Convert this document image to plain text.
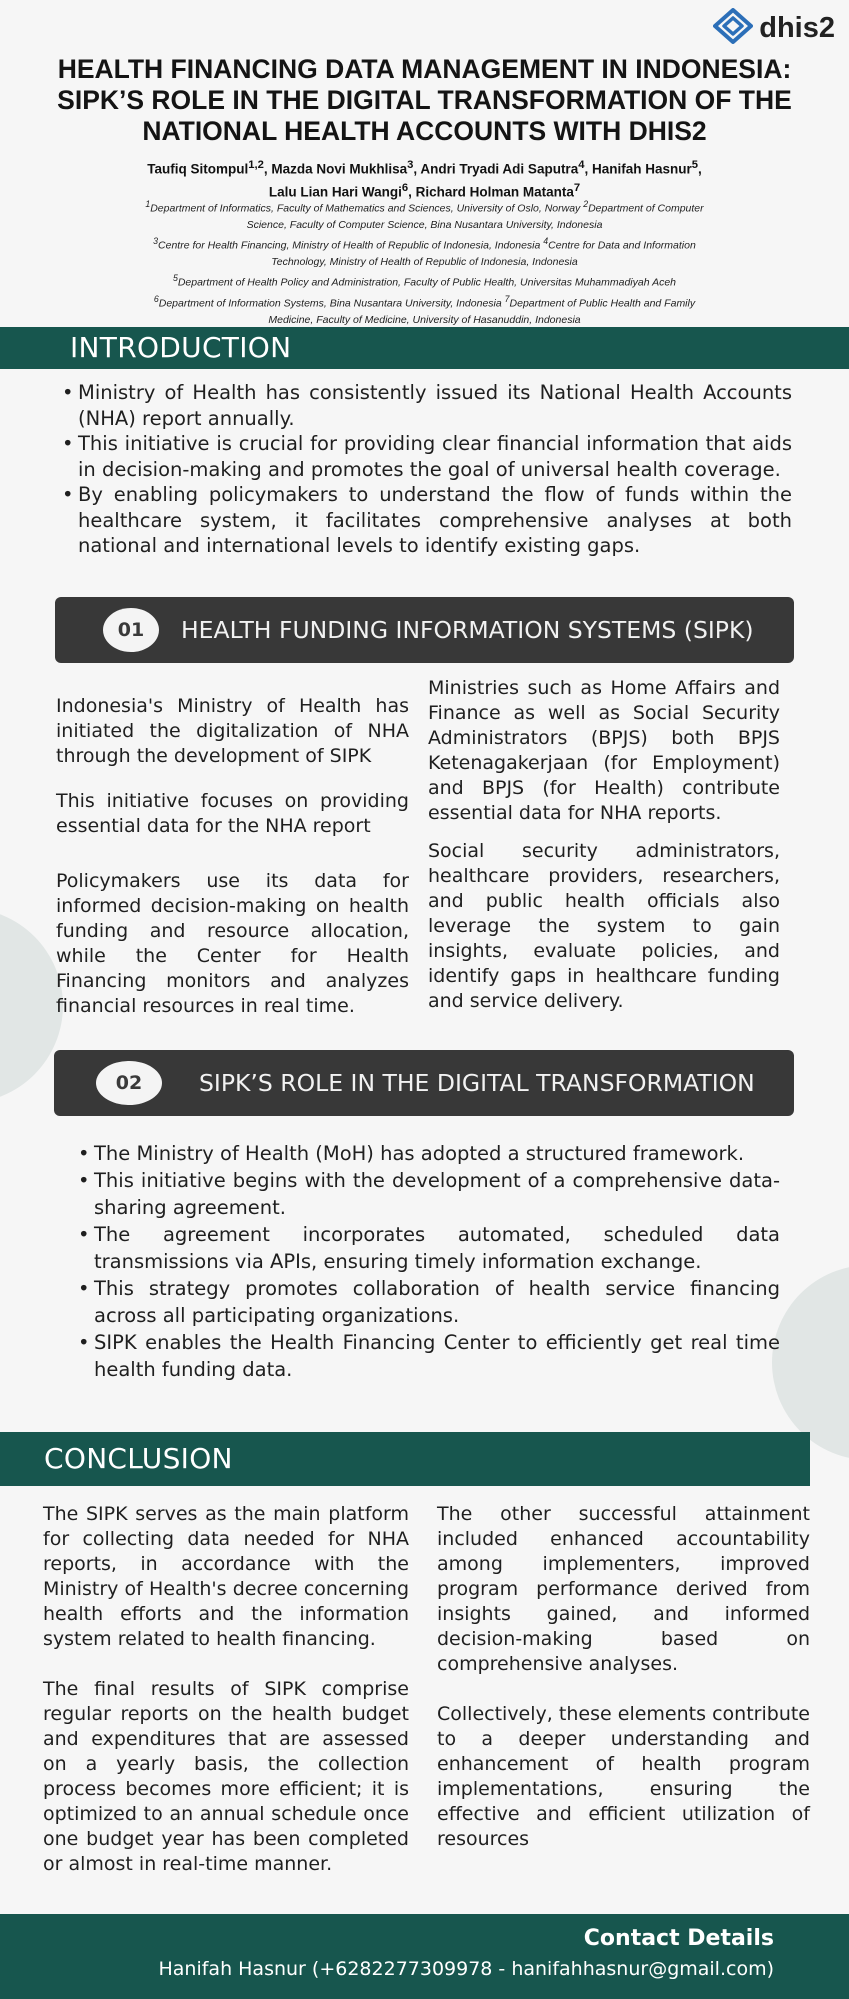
dhis2
HEALTH FINANCING DATA MANAGEMENT IN INDONESIA:
SIPK’S ROLE IN THE DIGITAL TRANSFORMATION OF THE
NATIONAL HEALTH ACCOUNTS WITH DHIS2
Taufiq Sitompul$^{1,2}$, Mazda Novi Mukhlisa$^3$, Andri Tryadi Adi Saputra$^4$, Hanifah Hasnur$^5$,
Lalu Lian Hari Wangi$^6$, Richard Holman Matanta$^7$
$^1$Department of Informatics, Faculty of Mathematics and Sciences, University of Oslo, Norway $^2$Department of Computer
Science, Faculty of Computer Science, Bina Nusantara University, Indonesia
$^3$Centre for Health Financing, Ministry of Health of Republic of Indonesia, Indonesia $^4$Centre for Data and Information
Technology, Ministry of Health of Republic of Indonesia, Indonesia
$^5$Department of Health Policy and Administration, Faculty of Public Health, Universitas Muhammadiyah Aceh
$^6$Department of Information Systems, Bina Nusantara University, Indonesia $^7$Department of Public Health and Family
Medicine, Faculty of Medicine, University of Hasanuddin, Indonesia
INTRODUCTION
• Ministry of Health has consistently issued its National Health Accounts (NHA) report annually.
• This initiative is crucial for providing clear financial information that aids in decision-making and promotes the goal of universal health coverage.
• By enabling policymakers to understand the flow of funds within the healthcare system, it facilitates comprehensive analyses at both national and international levels to identify existing gaps.
01	HEALTH FUNDING INFORMATION SYSTEMS (SIPK)

Indonesia's Ministry of Health has initiated the digitalization of NHA through the development of SIPK

This initiative focuses on providing essential data for the NHA report

Policymakers use its data for informed decision-making on health funding and resource allocation, while the Center for Health Financing monitors and analyzes financial resources in real time.

Ministries such as Home Affairs and Finance as well as Social Security Administrators (BPJS) both BPJS Ketenagakerjaan (for Employment) and BPJS (for Health) contribute essential data for NHA reports.

Social security administrators, healthcare providers, researchers, and public health officials also leverage the system to gain insights, evaluate policies, and identify gaps in healthcare funding and service delivery.

02	SIPK’S ROLE IN THE DIGITAL TRANSFORMATION
• The Ministry of Health (MoH) has adopted a structured framework.
• This initiative begins with the development of a comprehensive data-sharing agreement.
• The agreement incorporates automated, scheduled data transmissions via APIs, ensuring timely information exchange.
• This strategy promotes collaboration of health service financing across all participating organizations.
• SIPK enables the Health Financing Center to efficiently get real time health funding data.
CONCLUSION

The SIPK serves as the main platform for collecting data needed for NHA reports, in accordance with the Ministry of Health's decree concerning health efforts and the information system related to health financing.

The final results of SIPK comprise regular reports on the health budget and expenditures that are assessed on a yearly basis, the collection process becomes more efficient; it is optimized to an annual schedule once one budget year has been completed or almost in real-time manner.

The other successful attainment included enhanced accountability among implementers, improved program performance derived from insights gained, and informed decision-making based on comprehensive analyses.

Collectively, these elements contribute to a deeper understanding and enhancement of health program implementations, ensuring the effective and efficient utilization of resources

Contact Details
Hanifah Hasnur (+6282277309978 - hanifahhasnur@gmail.com)
